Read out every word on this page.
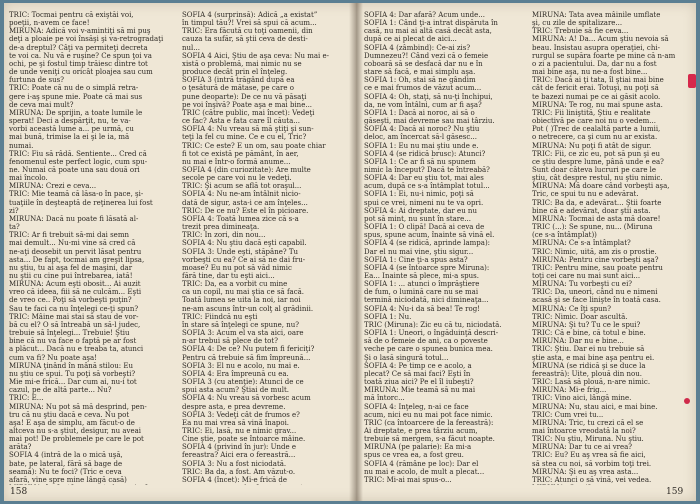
TRIC: Tocmai pentru că exiştăi voi,
poeţii, n-avem ce face!
MIRUNA: Adică voi v-amintiţi să mi puş
deţi a ploaie pe voi însăşi şi va-retrogradaţi
de-a dreptul? Câţi va permiteţi decreta
te voi ca. Nu vă e ruşine? Ce spun ţoi va
ochi, pe şi fostul timp trăiesc dintre tot
de unde veniţi cu oricât ploajea sau cum
furtuna de sus?
TRIC: Poate că nu de o simplă retra-
gere i-aş spune mie. Poate că mai sus
de ceva mai mult?
MIRUNA: De sprijin, a toate lumile le
sperat! Deci a despărţit, nu, te va-
vorbi această lume a... pe urmă, cu
mai bună, trimise la ei şi le ia, mă
numai.
TRIC: Fiu să râdă. Sentiente... Cred că
fenomenul este perfect logic, cum spu-
ne. Numai că poate una sau două ori
mai încolo.
MIRUNA: Crezi e ceva...
TRIC: Mie teamă că lăsa-o în pace, şi-
tuaţiile în deşteaptă de reţinerea lui fost
zi?
MIRUNA: Dacă nu poate fi lăsată al-
ta?
TRIC: Ar fi trebuit să-mi dai semn
mai demult... Nu-mi vine să cred că
ne-aţi deosebit un pervit lăsat pentru
asta... De fapt, tocmai am greşit lipsa,
nu ştiu, tu ai aşa fel de maşini, dar
nu ştii cu cine pui întrebarea, iată!
MIRUNA: Acum eşti obosit... Ai auzit
vreo că ideea, fiii să ne culcăm... Eşti
de vreo ce.. Poţi să vorbeşti puţin?
Sau te faci ca nu înţelegi ce-ţi spun?
TRIC: Mâine mai stai să stau de vor-
bă cu el? O să întreabă un să-l judec,
trebuie să înţelegi... Trebuie! Ştiu
bine că nu va face o faptă pe ar fost
a plăcut... Dacă nu e treaba ta, atunci
cum va fi? Nu poate aşa!
MIRUNA ţinând în mână stilou: Eu
nu ştiu ce spui. Tu poţi să vorbeşti?
Mie mi-e frică... Dar cum ai, nu-i tot
cazul, pe de altă parte... Nu?
TRIC: E...
MIRUNA: Nu pot să mă desprind, pen-
tru că nu ştiu dacă e ceva. Nu pot
aşa! E aşa de simplu, am făcut-o de
altceva nu s-a ştiut, desigur, nu aveai
mai pot! De problemele pe care le pot
arăta?
SOFIA 4 (intră de la o mică uşă,
bate, pe lateral, fără să bage de
seamă): Nu te foci? (Tric e ceva
afară, vine spre mine lângă casă)
SOFIA 4 (surprinsă): Adică „a existat”
în timpul tău?! Vrei să spui că acum...
TRIC: Era făcută cu toţi oamenii, din
cauza ta sufăr, să ştii ceva de desti-
nul...
SOFIA 4 Aici, Ştiu de aşa ceva: Nu mai e-
xistă o problemă, mai nimic nu se
produce decât prin el înţeleg.
SOFIA 3 (intră trăgând după ea
o ţesătură de mătase, pe care o
pune deoparte): De ce nu vă păsaţi
pe voi înşivă? Poate aşa e mai bine...
TRIC (către public, mai încet): Vedeţi
ce fac? Asta e fata care îl căuta...
SOFIA 4: Nu vreau să mă ştiţi şi sun-
teţi la fel cu mine. Ce e cu el, Tric?
TRIC: Ce este? E un om, sau poate chiar
fi tot ce există pe pământ, în aer,
nu mai e într-o formă anume...
SOFIA 4 (din curiozitate): Are multe
secole pe care voi nu le vedeţi.
TRIC: Şi acum se află tot oraşul...
SOFIA 4: Nu ne-am întâlnit nicio-
dată de sigur, asta-i ce am înţeles...
TRIC: De ce nu? Este el în picioare.
SOFIA 4: Toată lumea zice că s-a
trezit prea dimineaţa.
TRIC: În zori, din nou...
SOFIA 4: Nu ştiu dacă eşti capabil.
SOFIA 3: Unde eşti, stăpâne? Tu
vorbeşti cu ea? Ce ai să ne dai fru-
moase? Eu nu pot să văd nimic
fără tine, dar tu eşti aici...
TRIC: Da, ea a vorbit cu mine
ca un copil, nu mai ştia ce să facă.
Toată lumea se uita la noi, iar noi
ne-am ascuns într-un colţ al grădinii.
TRIC: Fiindcă nu eşti
în stare să înţelegi ce spune, nu?
SOFIA 3: Acum el va sta aici, oare
n-ar trebui să plece de tot?
SOFIA 4: De ce? Nu putem fi fericiţi?
Pentru că trebuie să fim împreună...
SOFIA 3: El nu e acolo, nu mai e.
SOFIA 4: Era împreună cu ea.
SOFIA 3 (cu atenţie): Atunci de ce
spui asta acum? Ştiai de mult.
SOFIA 4: Nu vreau să vorbesc acum
despre asta, e prea devreme.
SOFIA 3: Vedeţi cât de frumos e?
Ea nu mai vrea să vină înapoi.
TRIC: Ei, lasă, nu e nimic grav...
Cine ştie, poate se întoarce mâine.
SOFIA 4 (privind în jur): Unde e
fereastra? Aici era o fereastră...
SOFIA 3: Nu a fost niciodată.
TRIC: Ba da, a fost. Am văzut-o.
SOFIA 4 (încet): Mi-e frică de
SOFIA 4: Dar afară? Acum unde...
SOFIA 1: Când ţi-a intrat dispăruta în
casă, nu mai ai altă casă decât asta,
după ce ai plecat de aici...
SOFIA 4 (zâmbind): Ce-ai zis?
Dumnezeu?! Când vezi că o femeie
coboară să se desfacă dar nu e în
stare să facă, e mai simplu aşa.
SOFIA 1: Oh, stai să ne gândim
ce e mai frumos de văzut acum...
SOFIA 4: Oh, staţi, să nu-ţi închipui,
da, ne vom întâlni, cum ar fi aşa?
SOFIA 1: Dacă ai noroc, ai să o
găseşti, mai devreme sau mai târziu.
SOFIA 4: Dacă ai noroc? Nu ştiu
deloc, am încercat să-l găsesc...
SOFIA 1: Eu nu mai ştiu unde e.
SOFIA 4 (se ridică brusc): Atunci?
SOFIA 1: Ce ar fi să nu spunem
nimic la început? Dacă te întreabă?
SOFIA 4: Dar eu ştiu tot, mai ales
acum, după ce s-a întâmplat totul...
SOFIA 1: Ei, nu-i nimic, poţi să
spui ce vrei, nimeni nu te va opri.
SOFIA 4: Ai dreptate, dar eu nu
pot să mint, nu sunt în stare...
SOFIA 1: O clipă! Dacă ai ceva de
spus, spune acum, înainte să vină el.
SOFIA 4 (se ridică, aprinde lampa):
Dar el nu mai vine, ştiu sigur...
SOFIA 1: Cine ţi-a spus asta?
SOFIA 4 (se întoarce spre Miruna):
Ea... Înainte să plece, mi-a spus.
SOFIA 1: ... atunci o împrăştiere
de fum, o lumină care nu se mai
termină niciodată, nici dimineaţa...
SOFIA 4: Nu-i da să bea! Te rog!
SOFIA 1: Nu.
TRIC (Miruna): Zic eu că tu, niciodată.
SOFIA 1: Uneori, o îngăduinţă descri-
să de o femeie de ani, ca o poveste
veche pe care o spunea bunica mea.
Şi o lasă singură totul...
SOFIA 4: Pe timp ce e acolo, a
plecat? Ce să mai faci? Eşti în
toată ziua aici? Pe el îl iubeşti?
MIRUNA: Mie teamă să nu mai
mă întorc...
SOFIA 4: Înţeleg, n-ai ce face
acum, nici eu nu mai pot face nimic.
TRIC (ca întoarcere de la fereastră):
Ai dreptate, e prea târziu acum,
trebuie să mergem, s-a făcut noapte.
MIRUNA (pe palarie): Ea mi-a
spus ce vrea ea, a fost greu.
SOFIA 4 (rămâne pe loc): Dar el
nu mai e acolo, de mult a plecat...
TRIC: Mi-ai mai spus-o...
MIRUNA: Tata avea mâinile umflate
şi, cu zile de spitalizare...
TRIC: Trebuie să fie ceva...
MIRUNA: A! Da... Acum ştiu nevoia să
beau. Insistau asupra operaţiei, chi-
rurgul se supăra foarte pe mine că n-am
o zi a pacientului. Da, dar nu a fost
mai bine aşa, nu ne-a fost bine...
TRIC: Dacă ai ţi tata, îl ştiai mai bine
cât de fericit erai. Totuşi, nu poţi să
te bazezi numai pe ce ai găsit acolo.
MIRUNA: Te rog, nu mai spune asta.
TRIC: Fii liniştită, Ştiu e realitate
obiectivă pe care noi nu o vedem...
Pot ( )Trec de cealaltă parte a lumii,
o netrecere, ca şi cum nu ar exista.
MIRUNA: Nu poţi fi atât de sigur.
TRIC: Fii, ce zic eu, pot să pun şi eu
ce ştiu despre lume, până unde e ea?
Sunt doar câteva lucruri pe care le
ştiu, cât despre restul, nu ştiu nimic.
MIRUNA: Mă doare când vorbeşti aşa,
Tric, ce spui tu nu e adevărat.
TRIC: Ba da, e adevărat... Ştii foarte
bine că e adevărat, doar ştii asta.
MIRUNA: Tocmai de asta mă doare!
TRIC (...): Se spune, nu... (Miruna
(ce s-a întâmplat))
MIRUNA: Ce s-a întâmplat?
TRIC: Nimic, uită, am zis o prostie.
MIRUNA: Pentru cine vorbeşti aşa?
TRIC: Pentru mine, sau poate pentru
toţi cei care nu mai sunt aici...
MIRUNA: Tu vorbeşti cu ei?
TRIC: Da, uneori, când nu e nimeni
acasă şi se face linişte în toată casa.
MIRUNA: Ce îţi spun?
TRIC: Nimic. Doar ascultă.
MIRUNA: Şi tu? Tu ce le spui?
TRIC: Că e bine, că totul e bine.
MIRUNA: Dar nu e bine...
TRIC: Ştiu. Dar ei nu trebuie să
ştie asta, e mai bine aşa pentru ei.
MIRUNA (se ridică şi se duce la
fereastră): Uite, plouă din nou.
TRIC: Lasă să plouă, n-are nimic.
MIRUNA: Mi-e frig...
TRIC: Vino aici, lângă mine.
MIRUNA: Nu, stau aici, e mai bine.
TRIC: Cum vrei tu...
MIRUNA: Tric, tu crezi că el se
mai întoarce vreodată la noi?
TRIC: Nu ştiu, Miruna. Nu ştiu.
MIRUNA: Dar tu ce ai vrea?
TRIC: Eu? Eu aş vrea să fie aici,
să stea cu noi, să vorbim toţi trei.
MIRUNA: Şi eu aş vrea asta...
TRIC: Atunci o să vină, vei vedea.
158	159
